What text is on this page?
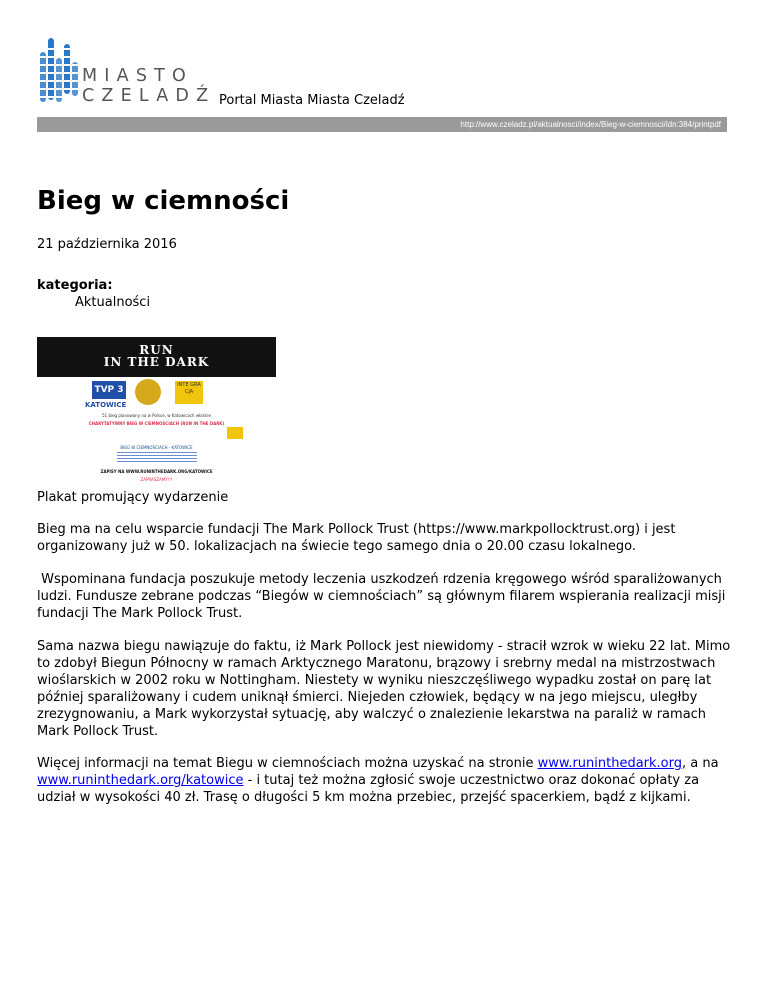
MIASTO
CZELADŹ Portal Miasta Miasta Czeladź
http://www.czeladz.pl/aktualnosci/index/Bieg-w-ciemnosci/idn:384/printpdf
Bieg w ciemności
21 października 2016
kategoria:
Aktualności
RUN
IN THE DARK
TVP 3
KATOWICE
INTE GRA CJA
51 bieg planowany na w Polsce, w Katowicach właśnie
CHARYTATYWNY BIEG W CIEMNOŚCIACH (RUN IN THE DARK)
BIEG W CIEMNOŚCIACH - KATOWICE
ZAPISY NA WWW.RUNINTHEDARK.ORG/KATOWICE
ZAPRASZAMY!!!
Plakat promujący wydarzenie

Bieg ma na celu wsparcie fundacji The Mark Pollock Trust (https://www.markpollocktrust.org) i jest organizowany już w 50. lokalizacjach na świecie tego samego dnia o 20.00 czasu lokalnego.

Wspominana fundacja poszukuje metody leczenia uszkodzeń rdzenia kręgowego wśród sparaliżowanych ludzi. Fundusze zebrane podczas “Biegów w ciemnościach” są głównym filarem wspierania realizacji misji fundacji The Mark Pollock Trust.

Sama nazwa biegu nawiązuje do faktu, iż Mark Pollock jest niewidomy - stracił wzrok w wieku 22 lat. Mimo to zdobył Biegun Północny w ramach Arktycznego Maratonu, brązowy i srebrny medal na mistrzostwach wioślarskich w 2002 roku w Nottingham. Niestety w wyniku nieszczęśliwego wypadku został on parę lat później sparaliżowany i cudem uniknął śmierci. Niejeden człowiek, będący w na jego miejscu, uległby zrezygnowaniu, a Mark wykorzystał sytuację, aby walczyć o znalezienie lekarstwa na paraliż w ramach Mark Pollock Trust.

Więcej informacji na temat Biegu w ciemnościach można uzyskać na stronie www.runinthedark.org, a na www.runinthedark.org/katowice - i tutaj też można zgłosić swoje uczestnictwo oraz dokonać opłaty za udział w wysokości 40 zł. Trasę o długości 5 km można przebiec, przejść spacerkiem, bądź z kijkami.
